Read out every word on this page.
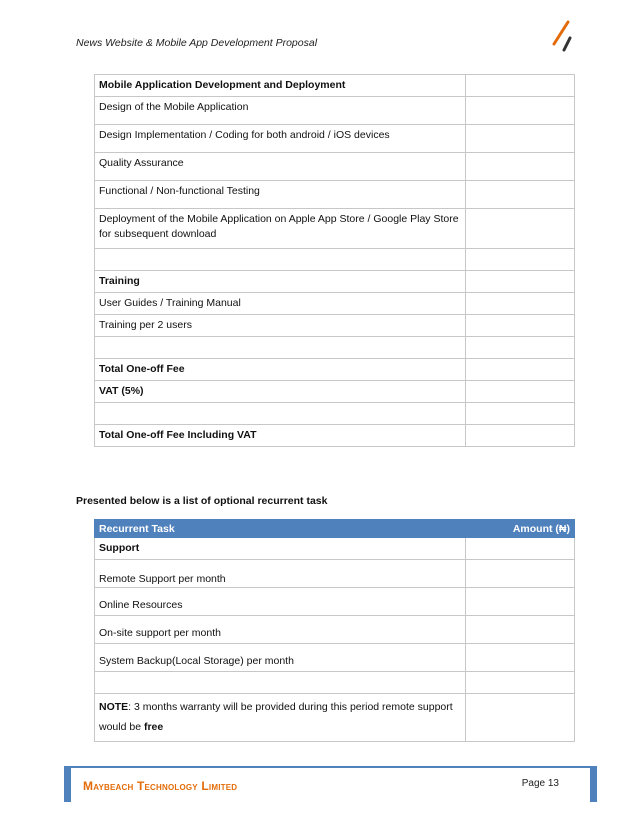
News Website & Mobile App Development Proposal
Mobile Application Development and Deployment	
Design of the Mobile Application	
Design Implementation / Coding for both android / iOS devices	
Quality Assurance	
Functional / Non-functional Testing	
Deployment of the Mobile Application on Apple App Store / Google Play Store for subsequent download	

Training	
User Guides / Training Manual	
Training per 2 users	

Total One-off Fee	
VAT (5%)	

Total One-off Fee Including VAT	
Presented below is a list of optional recurrent task
Recurrent Task	Amount (₦)
Support	
Remote Support per month	
Online Resources	
On-site support per month	
System Backup(Local Storage) per month	

NOTE: 3 months warranty will be provided during this period remote support would be free	
Maybeach Technology Limited	Page 13
